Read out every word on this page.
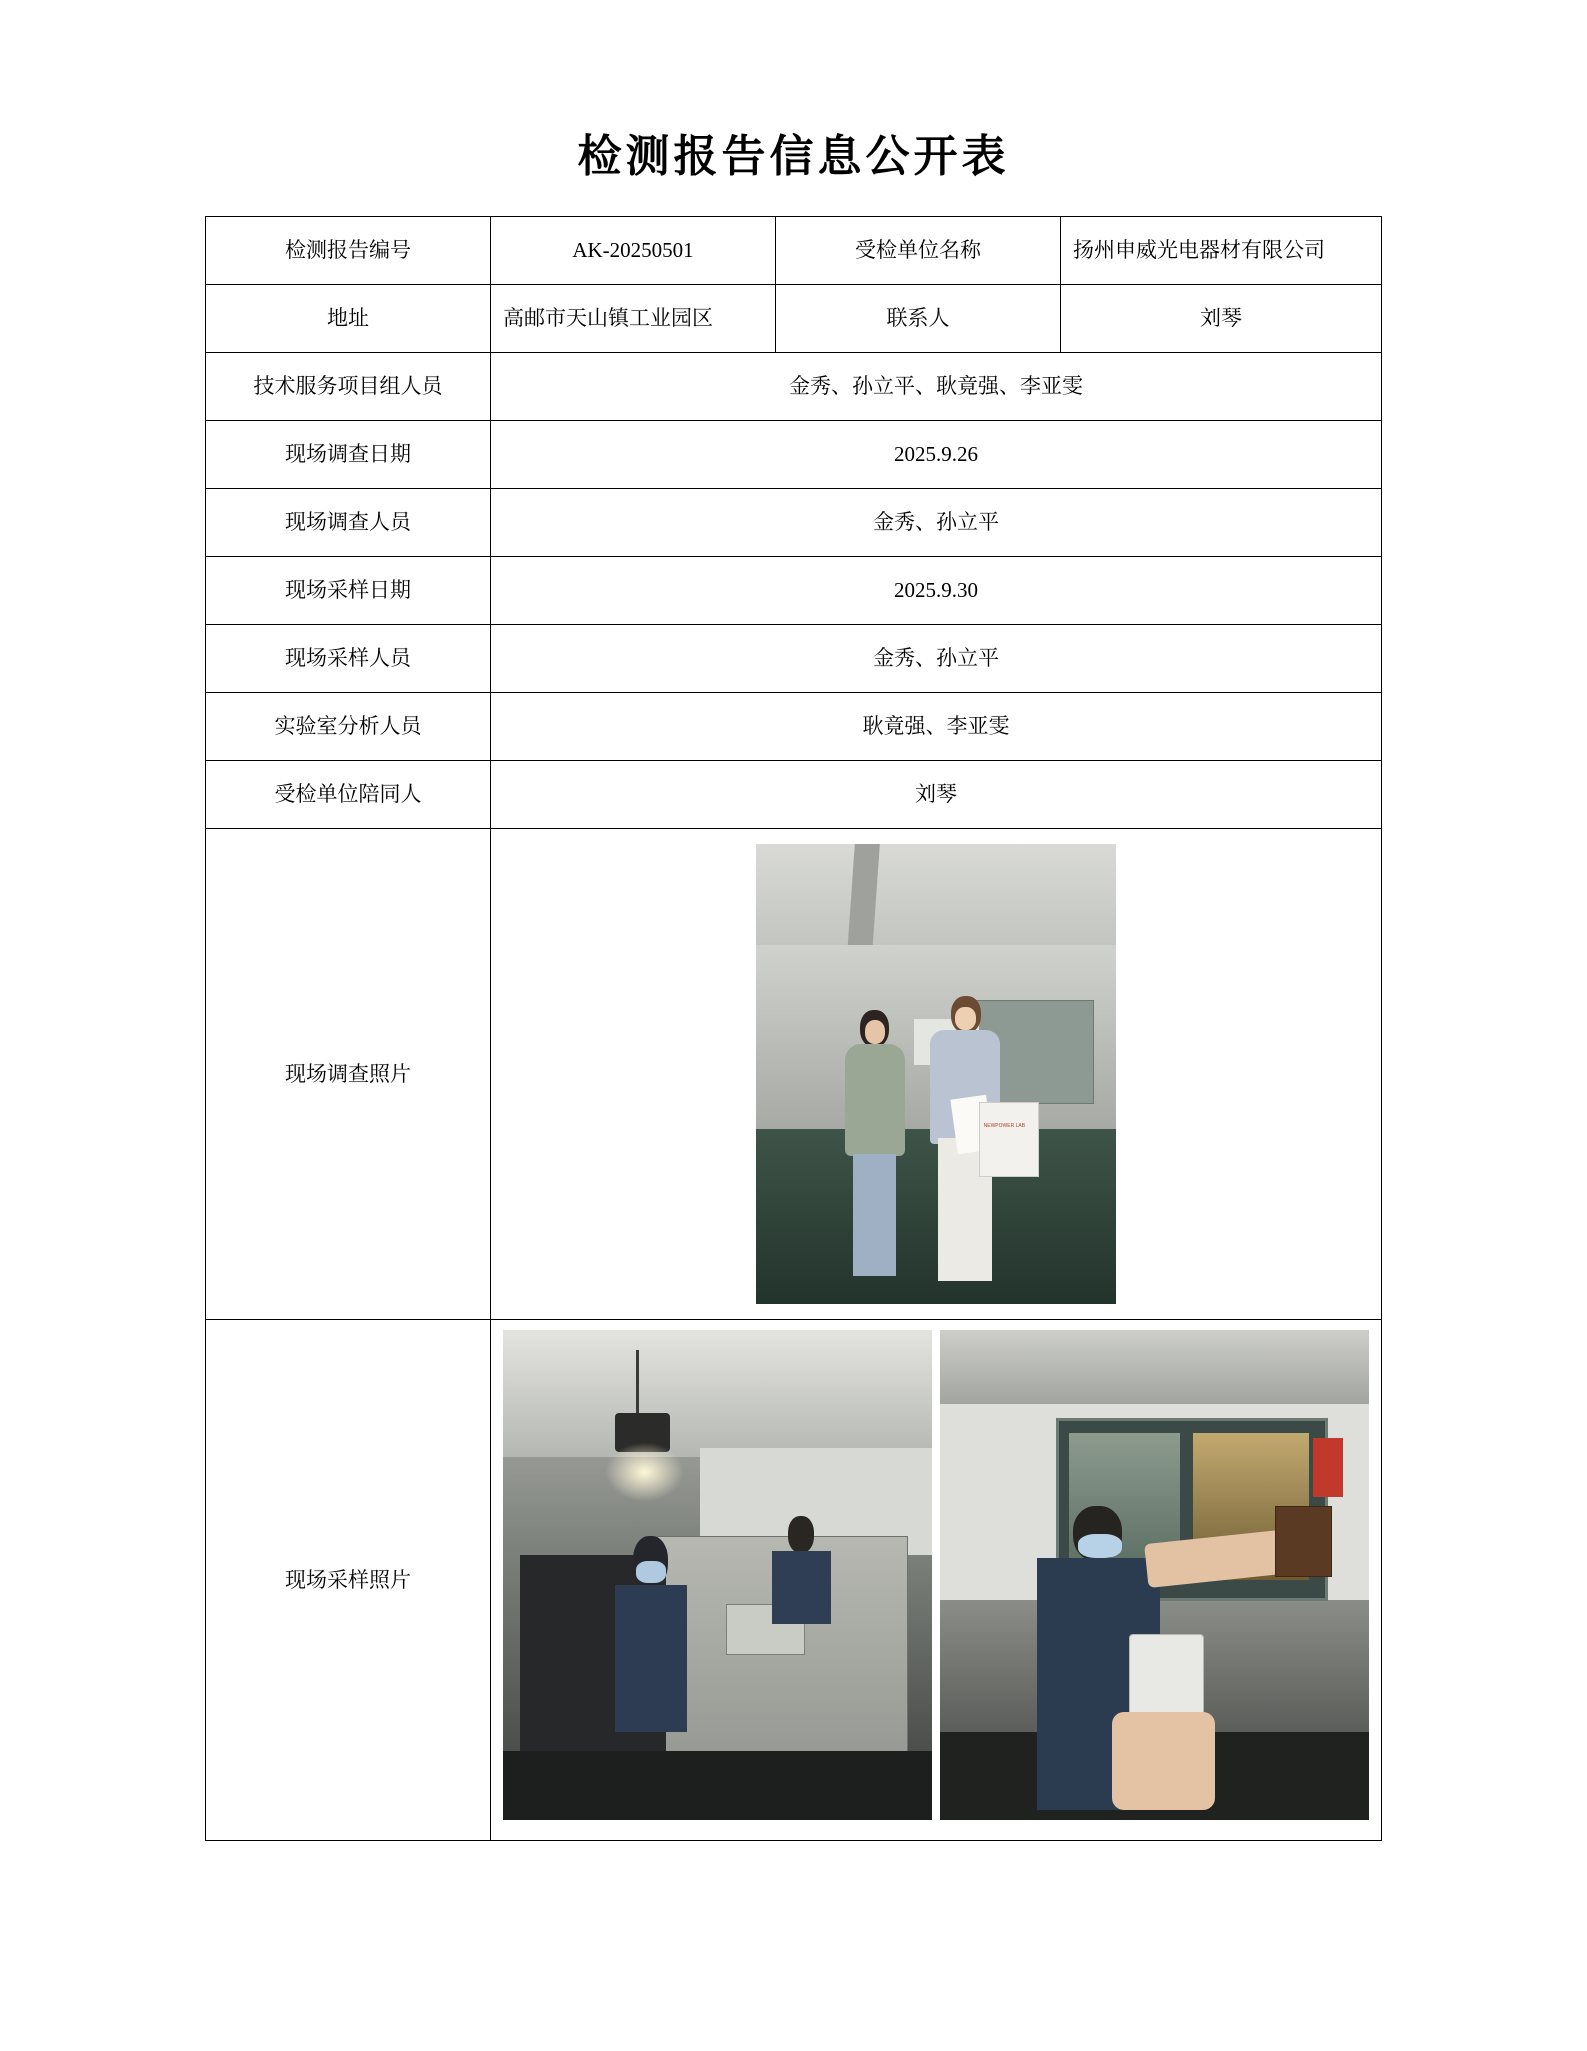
检测报告信息公开表
检测报告编号	AK-20250501	受检单位名称	扬州申威光电器材有限公司
地址	高邮市天山镇工业园区	联系人	刘琴
技术服务项目组人员	金秀、孙立平、耿竟强、李亚雯		
现场调查日期	2025.9.26		
现场调查人员	金秀、孙立平		
现场采样日期	2025.9.30		
现场采样人员	金秀、孙立平		
实验室分析人员	耿竟强、李亚雯		
受检单位陪同人	刘琴		
现场调查照片	NEWPOWER LAB		

现场采样照片			
